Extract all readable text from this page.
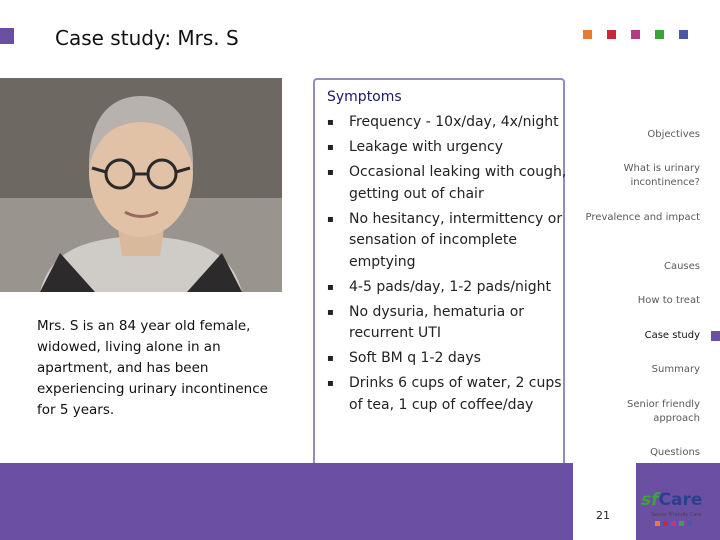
Case study: Mrs. S
Mrs. S is an 84 year old female, widowed, living alone in an apartment, and has been experiencing urinary incontinence for 5 years.
Symptoms
▪	Frequency - 10x/day, 4x/night
▪	Leakage with urgency
▪	Occasional leaking with cough, getting out of chair
▪	No hesitancy, intermittency or sensation of incomplete emptying
▪	4-5 pads/day, 1-2 pads/night
▪	No dysuria, hematuria or recurrent UTI
▪	Soft BM q 1-2 days
▪	Drinks 6 cups of water, 2 cups of tea, 1 cup of coffee/day
Objectives
What is urinary incontinence?
Prevalence and impact
Causes
How to treat
Case study
Summary
Senior friendly approach
Questions
21
sfCare
Senior Friendly Care
